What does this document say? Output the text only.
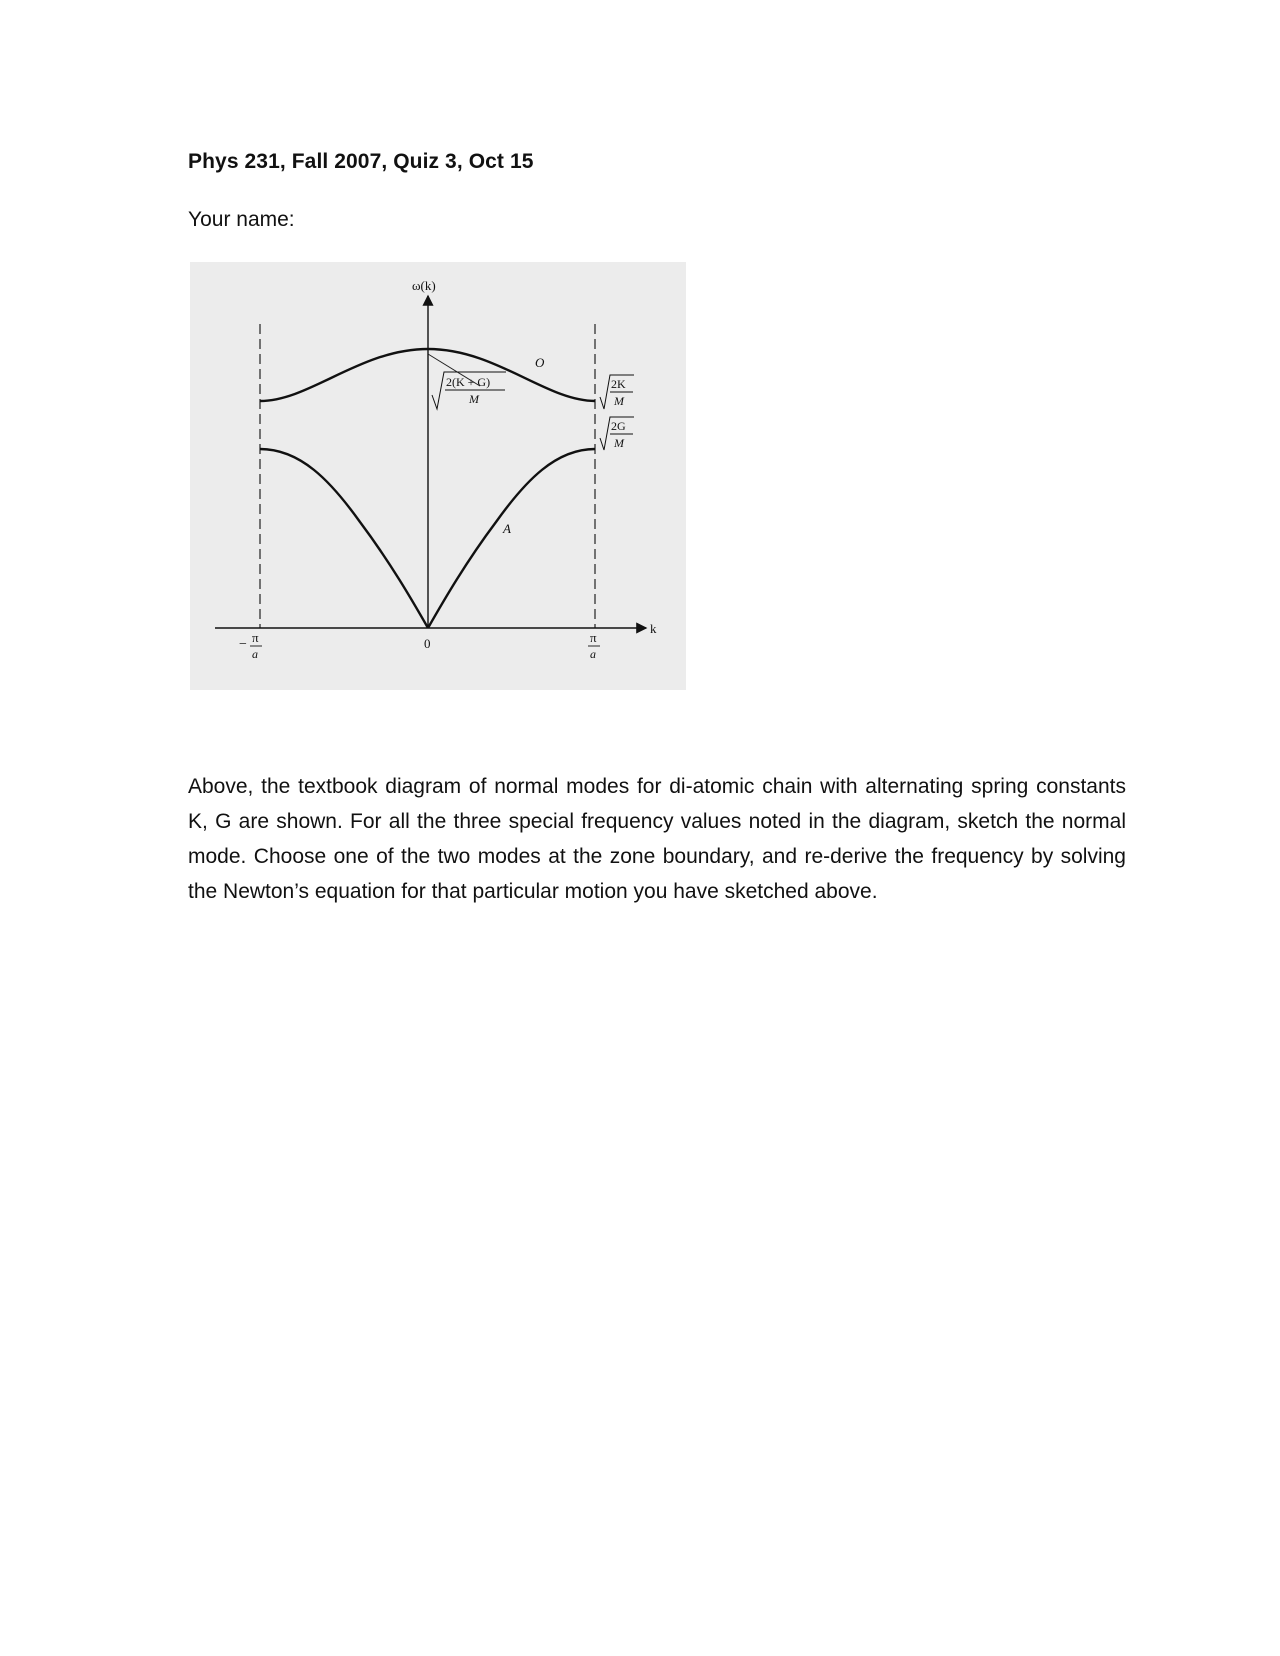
Phys 231, Fall 2007, Quiz 3, Oct 15
Your name:
ω(k)
k
− π
a
0	π
a
2(K + G)
M
2K
M
2G
M
O
A
Above, the textbook diagram of normal modes for di-atomic chain with alternating spring constants K, G are shown. For all the three special frequency values noted in the diagram, sketch the normal mode. Choose one of the two modes at the zone boundary, and re-derive the frequency by solving the Newton’s equation for that particular motion you have sketched above.
